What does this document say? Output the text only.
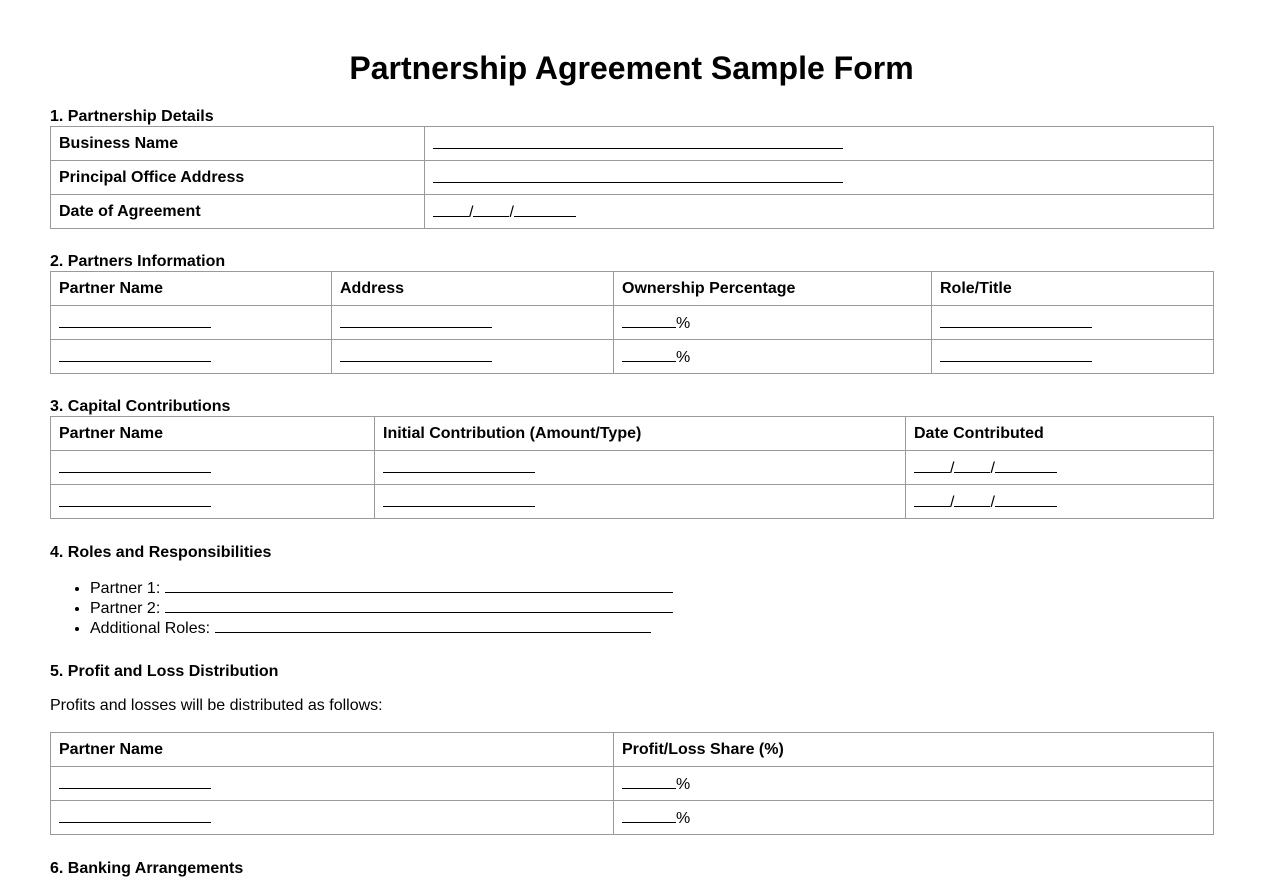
Partnership Agreement Sample Form
1. Partnership Details
Business Name	
Principal Office Address	
Date of Agreement	/ /
2. Partners Information
Partner Name	Address	Ownership Percentage	Role/Title
		%	
		%	
3. Capital Contributions
Partner Name	Initial Contribution (Amount/Type)	Date Contributed
		/ /
		/ /
4. Roles and Responsibilities
• Partner 1:
• Partner 2:
• Additional Roles:
5. Profit and Loss Distribution

Profits and losses will be distributed as follows:

Partner Name	Profit/Loss Share (%)
	%
	%
6. Banking Arrangements
